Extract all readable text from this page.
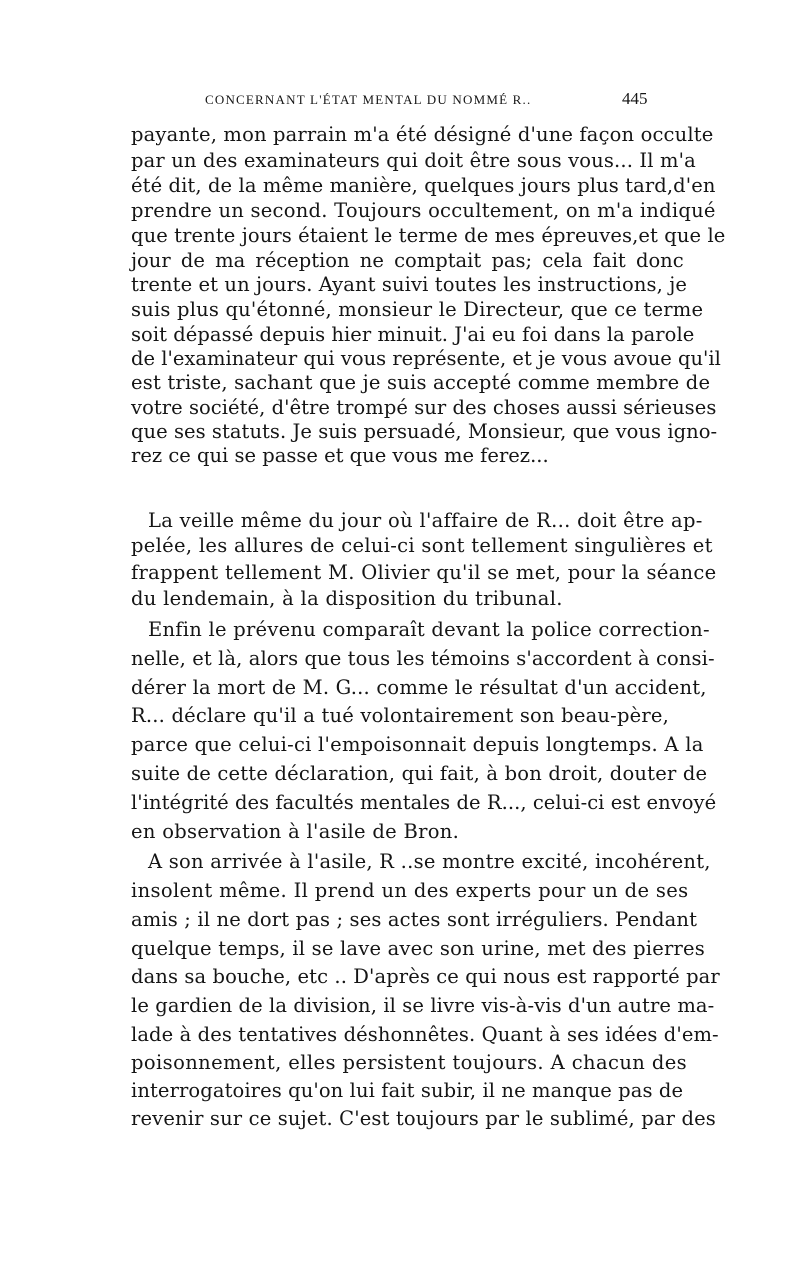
CONCERNANT L'ÉTAT MENTAL DU NOMMÉ R..	445
payante, mon parrain m'a été désigné d'une façon occulte
par un des examinateurs qui doit être sous vous... Il m'a
été dit, de la même manière, quelques jours plus tard,d'en
prendre un second. Toujours occultement, on m'a indiqué
que trente jours étaient le terme de mes épreuves,et que le
jour de ma réception ne comptait pas; cela fait donc
trente et un jours. Ayant suivi toutes les instructions, je
suis plus qu'étonné, monsieur le Directeur, que ce terme
soit dépassé depuis hier minuit. J'ai eu foi dans la parole
de l'examinateur qui vous représente, et je vous avoue qu'il
est triste, sachant que je suis accepté comme membre de
votre société, d'être trompé sur des choses aussi sérieuses
que ses statuts. Je suis persuadé, Monsieur, que vous igno-
rez ce qui se passe et que vous me ferez...
La veille même du jour où l'affaire de R... doit être ap-
pelée, les allures de celui-ci sont tellement singulières et
frappent tellement M. Olivier qu'il se met, pour la séance
du lendemain, à la disposition du tribunal.
Enfin le prévenu comparaît devant la police correction-
nelle, et là, alors que tous les témoins s'accordent à consi-
dérer la mort de M. G... comme le résultat d'un accident,
R... déclare qu'il a tué volontairement son beau-père,
parce que celui-ci l'empoisonnait depuis longtemps. A la
suite de cette déclaration, qui fait, à bon droit, douter de
l'intégrité des facultés mentales de R..., celui-ci est envoyé
en observation à l'asile de Bron.
A son arrivée à l'asile, R ..se montre excité, incohérent,
insolent même. Il prend un des experts pour un de ses
amis ; il ne dort pas ; ses actes sont irréguliers. Pendant
quelque temps, il se lave avec son urine, met des pierres
dans sa bouche, etc .. D'après ce qui nous est rapporté par
le gardien de la division, il se livre vis-à-vis d'un autre ma-
lade à des tentatives déshonnêtes. Quant à ses idées d'em-
poisonnement, elles persistent toujours. A chacun des
interrogatoires qu'on lui fait subir, il ne manque pas de
revenir sur ce sujet. C'est toujours par le sublimé, par des
